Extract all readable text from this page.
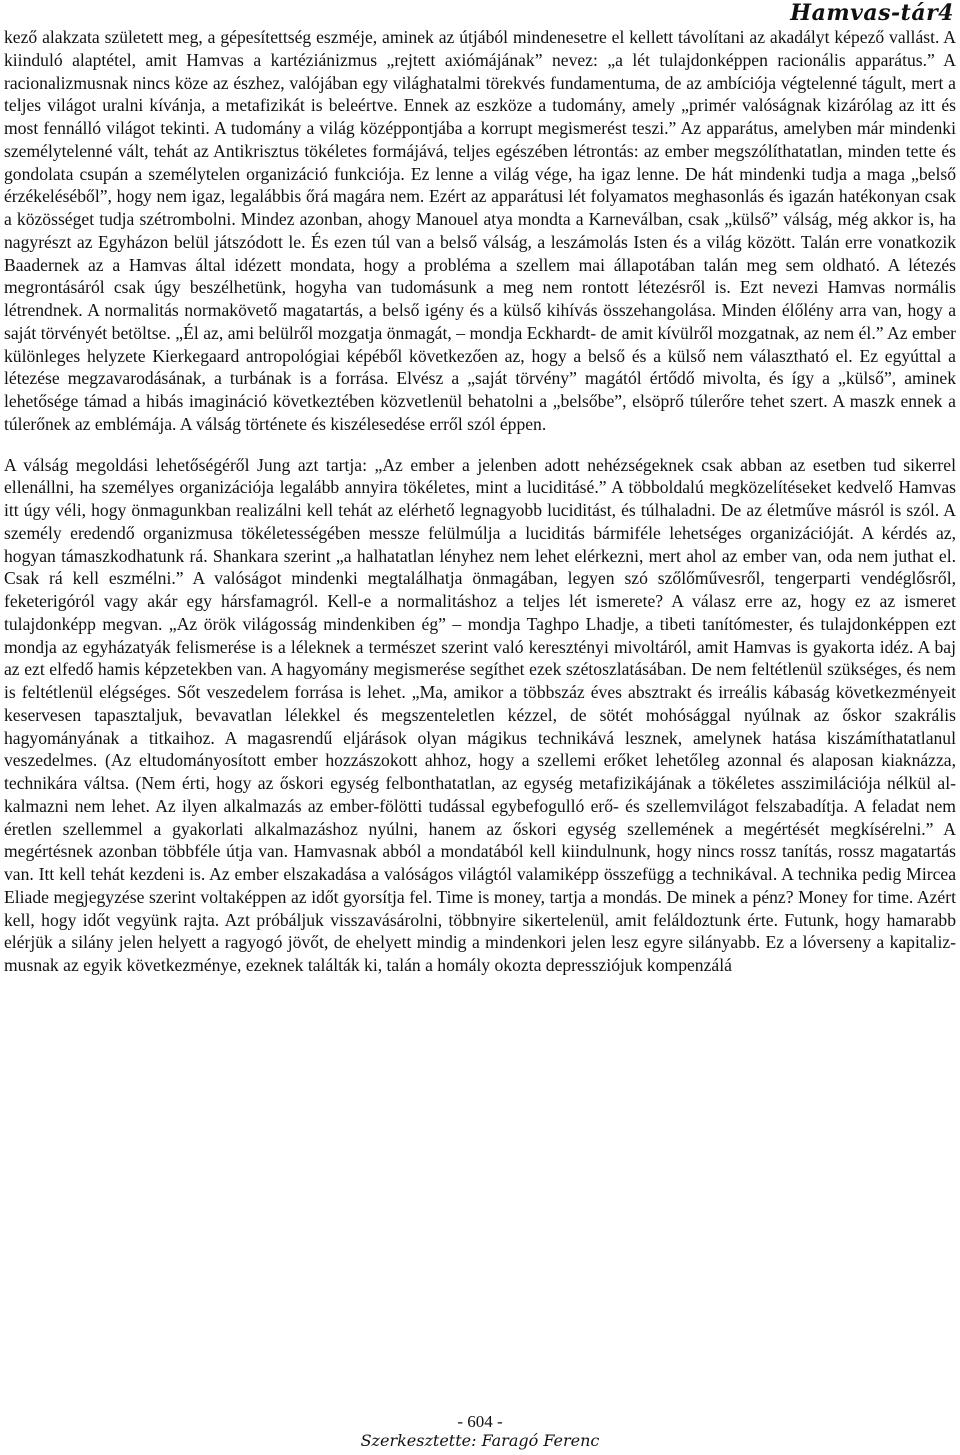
Hamvas-tár4

kező alakzata született meg, a gépesítettség eszméje, aminek az útjából mindenesetre el kellett távolítani az akadályt képező vallást. A kiinduló alaptétel, amit Hamvas a kartéziánizmus „rejtett axiómájának” nevez: „a lét tulajdonképpen racionális apparátus.” A racionalizmusnak nincs köze az észhez, valójában egy világhatalmi törekvés fundamentuma, de az ambíciója végtelenné tágult, mert a teljes világot uralni kívánja, a metafizikát is beleértve. Ennek az eszköze a tudomány, amely „primér valóságnak kizárólag az itt és most fennálló világot tekinti. A tudomány a világ középpontjába a korrupt megismerést teszi.” Az apparátus, amelyben már mindenki személytelenné vált, tehát az Antikrisztus tökéletes formájává, teljes egészében létrontás: az ember megszólíthatatlan, minden tette és gondolata csupán a személytelen organizáció funkciója. Ez lenne a világ vége, ha igaz lenne. De hát mindenki tudja a maga „belső érzékeléséből”, hogy nem igaz, legalábbis őrá magára nem. Ezért az apparátusi lét folyamatos meghasonlás és igazán hatékonyan csak a közösséget tudja szétrombolni. Mindez azonban, ahogy Manouel atya mondta a Karneválban, csak „külső” válság, még akkor is, ha nagyrészt az Egyházon belül játszódott le. És ezen túl van a belső válság, a leszámolás Isten és a világ között. Talán erre vonatkozik Baadernek az a Hamvas által idézett mondata, hogy a probléma a szellem mai állapotában talán meg sem oldható. A létezés megrontásáról csak úgy beszélhetünk, hogyha van tudomásunk a meg nem rontott létezésről is. Ezt nevezi Hamvas normális létrendnek. A normalitás normakövető magatartás, a belső igény és a külső kihívás összehangolása. Minden élőlény arra van, hogy a saját törvényét betöltse. „Él az, ami belülről mozgatja önmagát, – mondja Eckhardt- de amit kívülről mozgatnak, az nem él.” Az ember különleges helyzete Kierkegaard antropológiai képéből következően az, hogy a belső és a külső nem választható el. Ez egyúttal a létezése megzavarodásának, a turbának is a forrása. Elvész a „saját törvény” magától értődő mivolta, és így a „külső”, aminek lehetősége támad a hibás imagináció következtében közvetlenül behatolni a „belsőbe”, elsöprő túlerőre tehet szert. A maszk ennek a túlerőnek az emblémája. A válság története és kiszélesedése erről szól éppen.

A válság megoldási lehetőségéről Jung azt tartja: „Az ember a jelenben adott nehézségeknek csak abban az esetben tud sikerrel ellenállni, ha személyes organizációja legalább annyira tökéletes, mint a luciditásé.” A többoldalú megközelítéseket kedvelő Hamvas itt úgy véli, hogy önmagunkban realizálni kell tehát az elérhető legnagyobb luciditást, és túlhaladni. De az életműve másról is szól. A személy eredendő organizmusa tökéletességében messze felülmúlja a luciditás bármiféle lehetséges organizációját. A kérdés az, hogyan támaszkodhatunk rá. Shankara szerint „a halhatatlan lényhez nem lehet elérkezni, mert ahol az ember van, oda nem juthat el. Csak rá kell eszmélni.” A valóságot mindenki megtalálhatja önmagában, legyen szó szőlőművesről, tengerparti vendéglősről, feketerigóról vagy akár egy hársfamagról. Kell-e a normalitáshoz a teljes lét ismerete? A válasz erre az, hogy ez az ismeret tulajdonképp megvan. „Az örök világosság mindenkiben ég” – mondja Taghpo Lhadje, a tibeti tanítómester, és tulajdonképpen ezt mondja az egyházatyák felismerése is a léleknek a természet szerint való keresztényi mivoltáról, amit Hamvas is gyakorta idéz. A baj az ezt elfedő hamis képzetekben van. A hagyomány megismerése segíthet ezek szétoszlatásában. De nem feltétlenül szükséges, és nem is feltétlenül elégséges. Sőt veszedelem forrása is lehet. „Ma, amikor a többszáz éves absztrakt és irreális kábaság következményeit keservesen tapasztaljuk, bevavatlan lélekkel és megszenteletlen kézzel, de sötét mohósággal nyúlnak az őskor szakrális hagyományának a titkaihoz. A magasrendű eljárások olyan mágikus technikává lesznek, amelynek hatása kiszámíthatatlanul veszedelmes. (Az eltudományosított ember hozzászokott ahhoz, hogy a szellemi erőket lehetőleg azonnal és alaposan kiaknázza, technikára váltsa. (Nem érti, hogy az őskori egység felbonthatatlan, az egység metafizikájának a tökéletes asszimilációja nélkül alkalmazni nem lehet. Az ilyen alkalmazás az ember-fölötti tudással egybefogulló erő- és szellemvilágot felszabadítja. A feladat nem éretlen szellemmel a gyakorlati alkalmazáshoz nyúlni, hanem az őskori egység szellemének a megértését megkísérelni.” A megértésnek azonban többféle útja van. Hamvasnak abból a mondatából kell kiindulnunk, hogy nincs rossz tanítás, rossz magatartás van. Itt kell tehát kezdeni is. Az ember elszakadása a valóságos világtól valamiképp összefügg a technikával. A technika pedig Mircea Eliade megjegyzése szerint voltaképpen az időt gyorsítja fel. Time is money, tartja a mondás. De minek a pénz? Money for time. Azért kell, hogy időt vegyünk rajta. Azt próbáljuk visszavásárolni, többnyire sikertelenül, amit feláldoztunk érte. Futunk, hogy hamarabb elérjük a silány jelen helyett a ragyogó jövőt, de ehelyett mindig a mindenkori jelen lesz egyre silányabb. Ez a lóverseny a kapitalizmusnak az egyik következménye, ezeknek találták ki, talán a homály okozta depressziójuk kompenzálá

- 604 -
Szerkesztette: Faragó Ferenc
